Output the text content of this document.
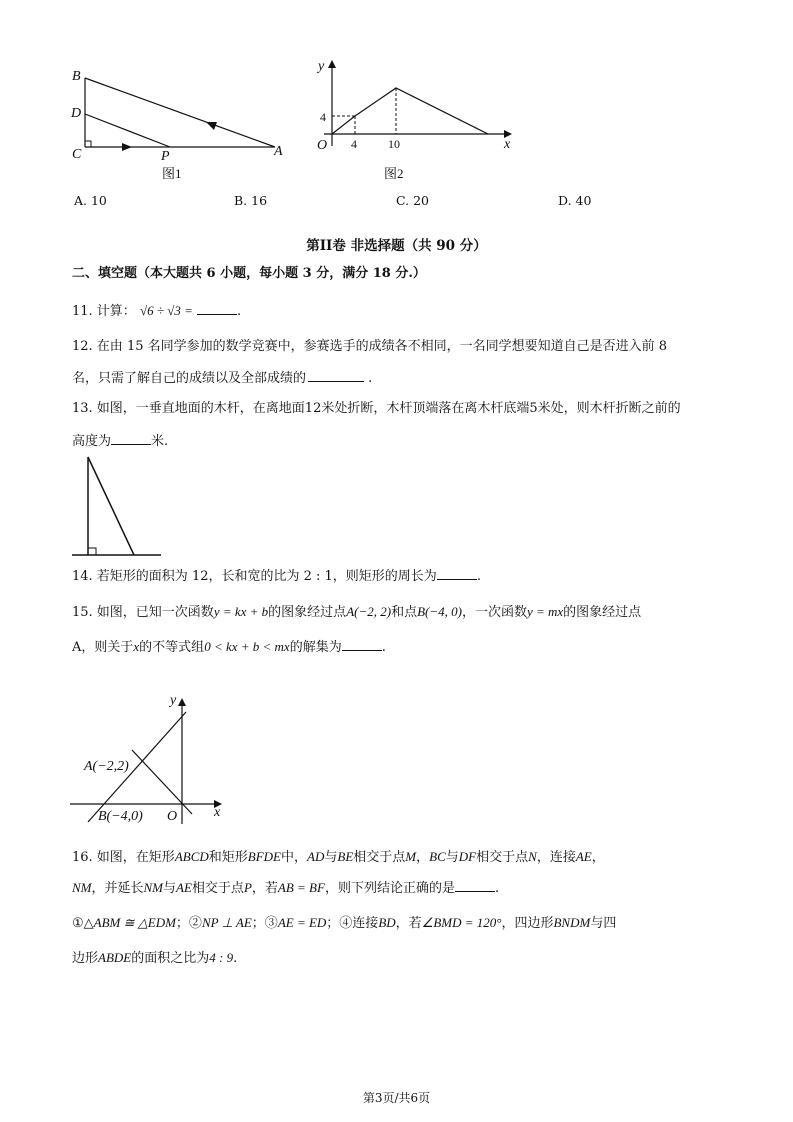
B
D
C	P	A
图1
y
x
O
4
4	10
图2
A. 10	B. 16	C. 20	D. 40
第II卷 非选择题（共 90 分）
二、填空题（本大题共 6 小题，每小题 3 分，满分 18 分.）
11. 计算： √6 ÷ √3 =	.
12. 在由 15 名同学参加的数学竞赛中，参赛选手的成绩各不相同，一名同学想要知道自己是否进入前 8
名，只需了解自己的成绩以及全部成绩的	.
13. 如图，一垂直地面的木杆，在离地面12米处折断，木杆顶端落在离木杆底端5米处，则木杆折断之前的
高度为	米.
14. 若矩形的面积为 12，长和宽的比为 2 : 1，则矩形的周长为	.
15. 如图，已知一次函数y = kx + b的图象经过点A(−2, 2)和点B(−4, 0)，一次函数y = mx的图象经过点
A，则关于x的不等式组0 < kx + b < mx的解集为	.
y
x
O
A(−2,2)
B(−4,0)
16. 如图，在矩形ABCD和矩形BFDE中，AD与BE相交于点M，BC与DF相交于点N，连接AE，
NM，并延长NM与AE相交于点P，若AB = BF，则下列结论正确的是	.
①△ABM ≅ △EDM；②NP ⊥ AE；③AE = ED；④连接BD，若∠BMD = 120°，四边形BNDM与四
边形ABDE的面积之比为4 : 9.
第3页/共6页
